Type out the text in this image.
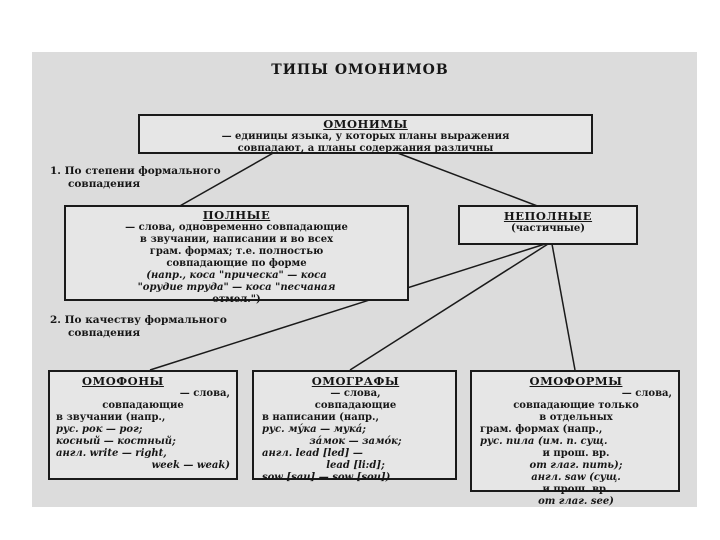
ТИПЫ ОМОНИМОВ
ОМОНИМЫ
— единицы языка, у которых планы выражения
совпадают, а планы содержания различны
1. По степени формального
совпадения
ПОЛНЫЕ
— слова, одновременно совпадающие
в звучании, написании и во всех
грам. формах; т.е. полностью
совпадающие по форме
(напр., коса "прическа" — коса
"орудие труда" — коса "песчаная
отмел.")
НЕПОЛНЫЕ
(частичные)
2. По качеству формального
совпадения
ОМОФОНЫ
— слова,
совпадающие
в звучании (напр.,
рус. рок — рог;
косный — костный;
англ. write — right,
week — weak)
ОМОГРАФЫ
— слова,
совпадающие
в написании (напр.,
рус. мýка — мукá;
зáмок — замóк;
англ. lead [led] —
lead [li:d];
sow [sau] — sow [sou])
ОМОФОРМЫ
— слова,
совпадающие только
в отдельных
грам. формах (напр.,
рус. пила (им. п. сущ.
и прош. вр.
от глаг. пить);
англ. saw (сущ.
и прош. вр.
от глаг. see)
